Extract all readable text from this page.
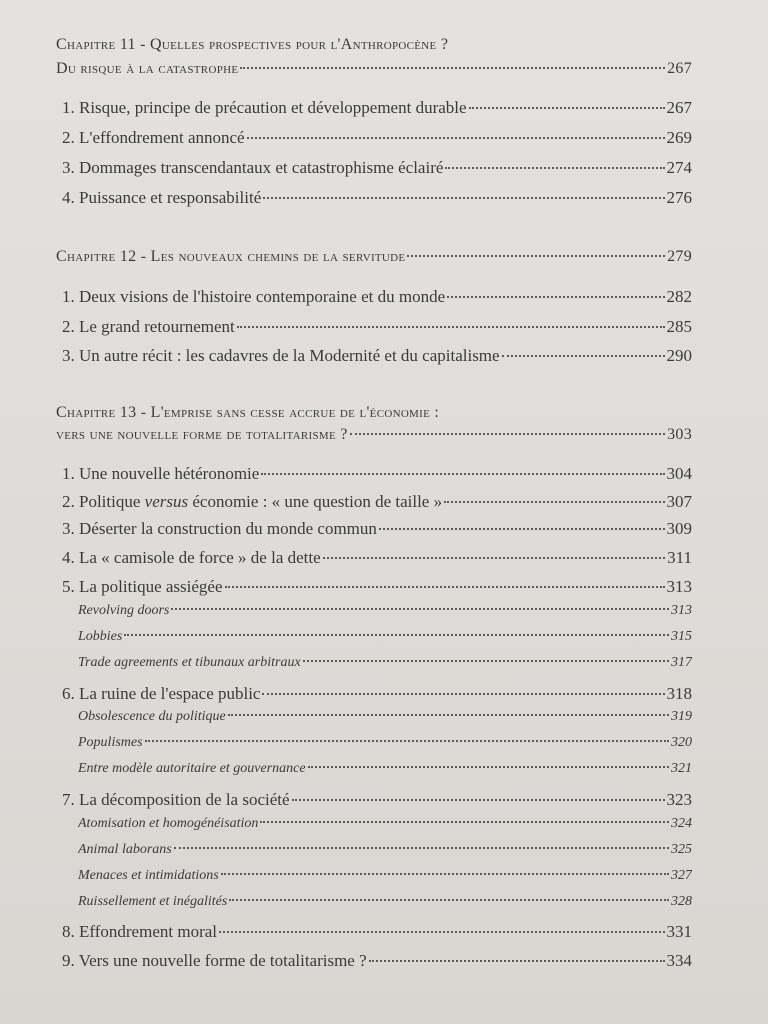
Chapitre 11 - Quelles prospectives pour l'Anthropocène ?
Du risque à la catastrophe	267
1. Risque, principe de précaution et développement durable	267
2. L'effondrement annoncé	269
3. Dommages transcendantaux et catastrophisme éclairé	274
4. Puissance et responsabilité	276
Chapitre 12 - Les nouveaux chemins de la servitude	279
1. Deux visions de l'histoire contemporaine et du monde	282
2. Le grand retournement	285
3. Un autre récit : les cadavres de la Modernité et du capitalisme	290
Chapitre 13 - L'emprise sans cesse accrue de l'économie :
vers une nouvelle forme de totalitarisme ?	303
1. Une nouvelle hétéronomie	304
2. Politique versus économie : « une question de taille »	307
3. Déserter la construction du monde commun	309
4. La « camisole de force » de la dette	311
5. La politique assiégée	313
Revolving doors	313
Lobbies	315
Trade agreements et tibunaux arbitraux	317
6. La ruine de l'espace public	318
Obsolescence du politique	319
Populismes	320
Entre modèle autoritaire et gouvernance	321
7. La décomposition de la société	323
Atomisation et homogénéisation	324
Animal laborans	325
Menaces et intimidations	327
Ruissellement et inégalités	328
8. Effondrement moral	331
9. Vers une nouvelle forme de totalitarisme ?	334
